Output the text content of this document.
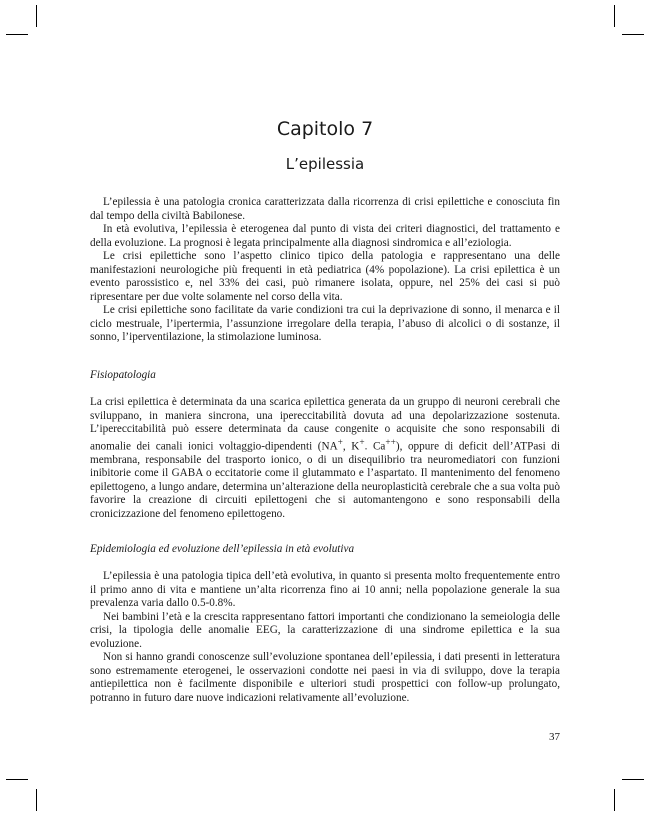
Capitolo 7
L’epilessia

L’epilessia è una patologia cronica caratterizzata dalla ricorrenza di crisi epilettiche e conosciuta fin dal tempo della civiltà Babilonese.

In età evolutiva, l’epilessia è eterogenea dal punto di vista dei criteri diagnostici, del trattamento e della evoluzione. La prognosi è legata principalmente alla diagnosi sindromica e all’eziologia.

Le crisi epilettiche sono l’aspetto clinico tipico della patologia e rappresentano una delle manifestazioni neurologiche più frequenti in età pediatrica (4% popolazione). La crisi epilettica è un evento parossistico e, nel 33% dei casi, può rimanere isolata, oppure, nel 25% dei casi si può ripresentare per due volte solamente nel corso della vita.

Le crisi epilettiche sono facilitate da varie condizioni tra cui la deprivazione di sonno, il menarca e il ciclo mestruale, l’ipertermia, l’assunzione irregolare della terapia, l’abuso di alcolici o di sostanze, il sonno, l’iperventilazione, la stimolazione luminosa.

Fisiopatologia

La crisi epilettica è determinata da una scarica epilettica generata da un gruppo di neuroni cerebrali che sviluppano, in maniera sincrona, una ipereccitabilità dovuta ad una depolarizzazione sostenuta. L’ipereccitabilità può essere determinata da cause congenite o acquisite che sono responsabili di anomalie dei canali ionici voltaggio-dipendenti (NA+, K+. Ca++), oppure di deficit dell’ATPasi di membrana, responsabile del trasporto ionico, o di un disequilibrio tra neuromediatori con funzioni inibitorie come il GABA o eccitatorie come il glutammato e l’aspartato. Il mantenimento del fenomeno epilettogeno, a lungo andare, determina un’alterazione della neuroplasticità cerebrale che a sua volta può favorire la creazione di circuiti epilettogeni che si automantengono e sono responsabili della cronicizzazione del fenomeno epilettogeno.

Epidemiologia ed evoluzione dell’epilessia in età evolutiva

L’epilessia è una patologia tipica dell’età evolutiva, in quanto si presenta molto frequentemente entro il primo anno di vita e mantiene un’alta ricorrenza fino ai 10 anni; nella popolazione generale la sua prevalenza varia dallo 0.5-0.8%.

Nei bambini l’età e la crescita rappresentano fattori importanti che condizionano la semeiologia delle crisi, la tipologia delle anomalie EEG, la caratterizzazione di una sindrome epilettica e la sua evoluzione.

Non si hanno grandi conoscenze sull’evoluzione spontanea dell’epilessia, i dati presenti in letteratura sono estremamente eterogenei, le osservazioni condotte nei paesi in via di sviluppo, dove la terapia antiepilettica non è facilmente disponibile e ulteriori studi prospettici con follow-up prolungato, potranno in futuro dare nuove indicazioni relativamente all’evoluzione.

37
